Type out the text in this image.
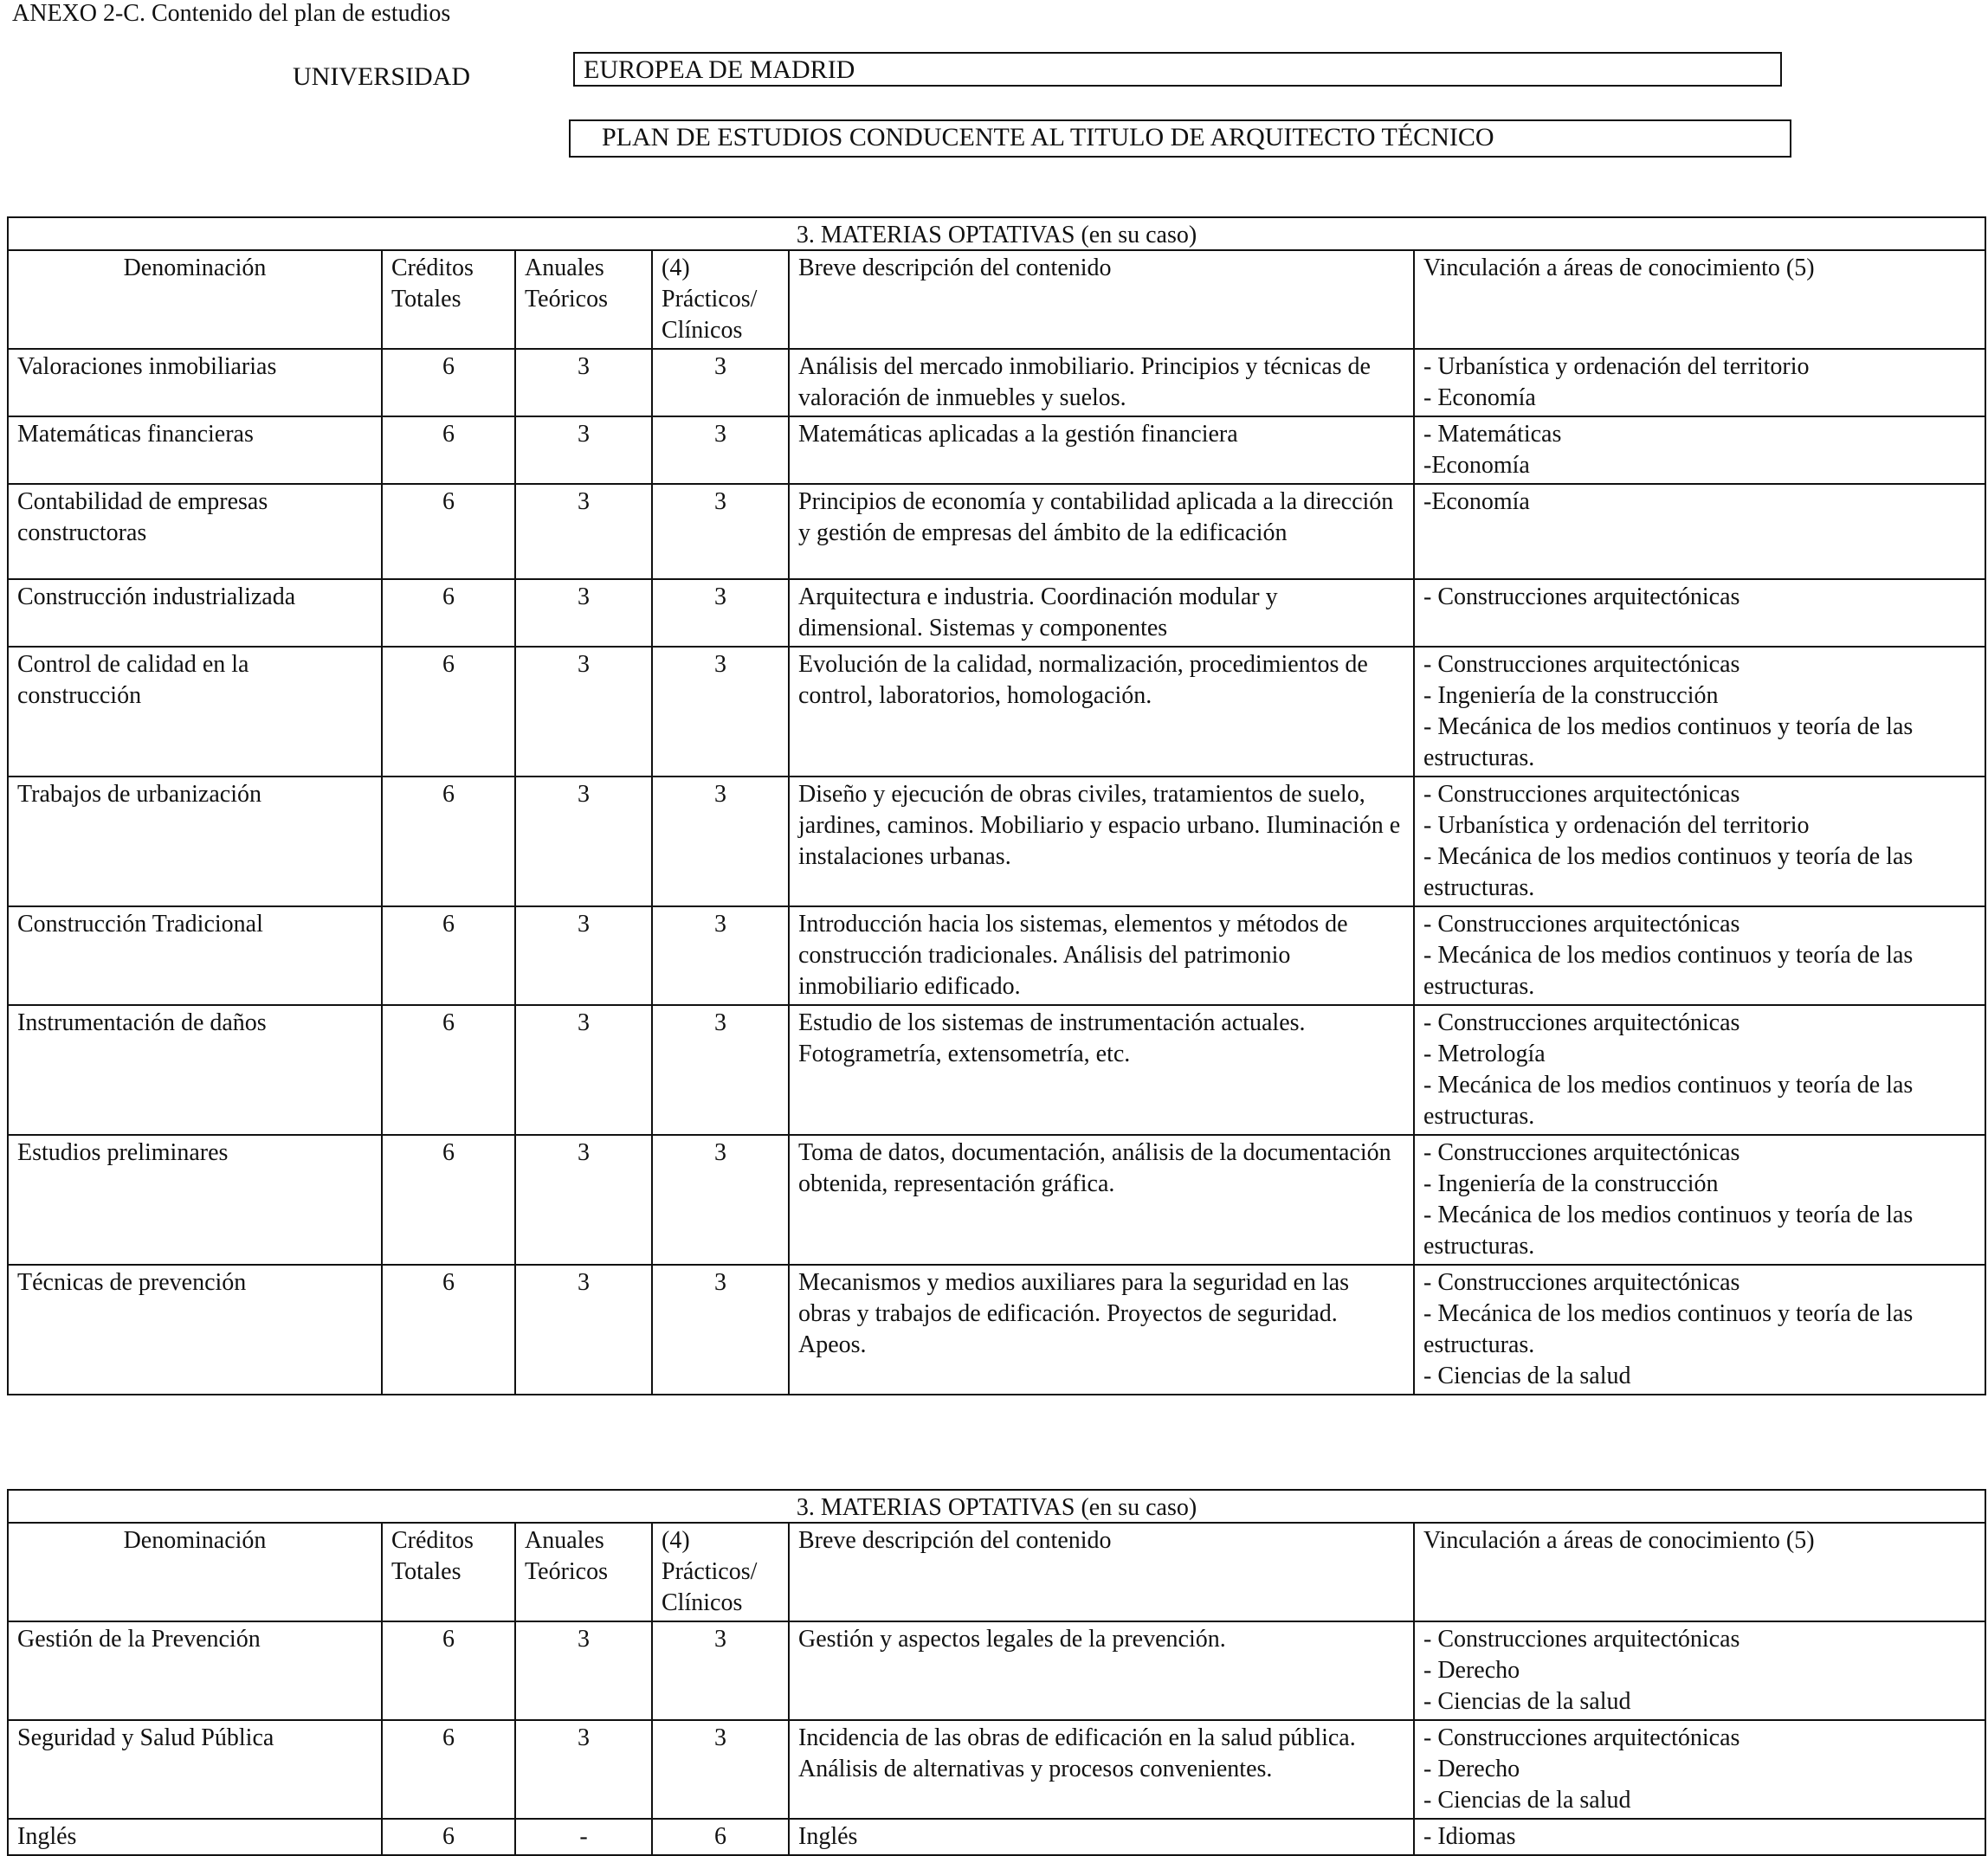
ANEXO 2-C. Contenido del plan de estudios
UNIVERSIDAD	EUROPEA DE MADRID
PLAN DE ESTUDIOS CONDUCENTE AL TITULO DE ARQUITECTO TÉCNICO
3. MATERIAS OPTATIVAS (en su caso)					
Denominación	Créditos Totales	Anuales Teóricos	(4) Prácticos/ Clínicos	Breve descripción del contenido	Vinculación a áreas de conocimiento (5)
Valoraciones inmobiliarias	6	3	3	Análisis del mercado inmobiliario. Principios y técnicas de valoración de inmuebles y suelos.	- Urbanística y ordenación del territorio
- Economía

Matemáticas financieras	6	3	3	Matemáticas aplicadas a la gestión financiera	- Matemáticas
-Economía

Contabilidad de empresas constructoras	6	3	3	Principios de economía y contabilidad aplicada a la dirección y gestión de empresas del ámbito de la edificación	-Economía

Construcción industrializada	6	3	3	Arquitectura e industria. Coordinación modular y dimensional. Sistemas y componentes	- Construcciones arquitectónicas

Control de calidad en la construcción	6	3	3	Evolución de la calidad, normalización, procedimientos de control, laboratorios, homologación.	- Construcciones arquitectónicas
- Ingeniería de la construcción
- Mecánica de los medios continuos y teoría de las estructuras.

Trabajos de urbanización	6	3	3	Diseño y ejecución de obras civiles, tratamientos de suelo, jardines, caminos. Mobiliario y espacio urbano. Iluminación e instalaciones urbanas.	- Construcciones arquitectónicas
- Urbanística y ordenación del territorio
- Mecánica de los medios continuos y teoría de las estructuras.

Construcción Tradicional	6	3	3	Introducción hacia los sistemas, elementos y métodos de construcción tradicionales. Análisis del patrimonio inmobiliario edificado.	- Construcciones arquitectónicas
- Mecánica de los medios continuos y teoría de las estructuras.

Instrumentación de daños	6	3	3	Estudio de los sistemas de instrumentación actuales. Fotogrametría, extensometría, etc.	- Construcciones arquitectónicas
- Metrología
- Mecánica de los medios continuos y teoría de las estructuras.

Estudios preliminares	6	3	3	Toma de datos, documentación, análisis de la documentación obtenida, representación gráfica.	- Construcciones arquitectónicas
- Ingeniería de la construcción
- Mecánica de los medios continuos y teoría de las estructuras.

Técnicas de prevención	6	3	3	Mecanismos y medios auxiliares para la seguridad en las obras y trabajos de edificación. Proyectos de seguridad. Apeos.	- Construcciones arquitectónicas
- Mecánica de los medios continuos y teoría de las estructuras.
- Ciencias de la salud
3. MATERIAS OPTATIVAS (en su caso)					
Denominación	Créditos Totales	Anuales Teóricos	(4) Prácticos/ Clínicos	Breve descripción del contenido	Vinculación a áreas de conocimiento (5)
Gestión de la Prevención	6	3	3	Gestión y aspectos legales de la prevención.	- Construcciones arquitectónicas
- Derecho
- Ciencias de la salud

Seguridad y Salud Pública	6	3	3	Incidencia de las obras de edificación en la salud pública. Análisis de alternativas y procesos convenientes.	- Construcciones arquitectónicas
- Derecho
- Ciencias de la salud

Inglés	6	-	6	Inglés	- Idiomas
